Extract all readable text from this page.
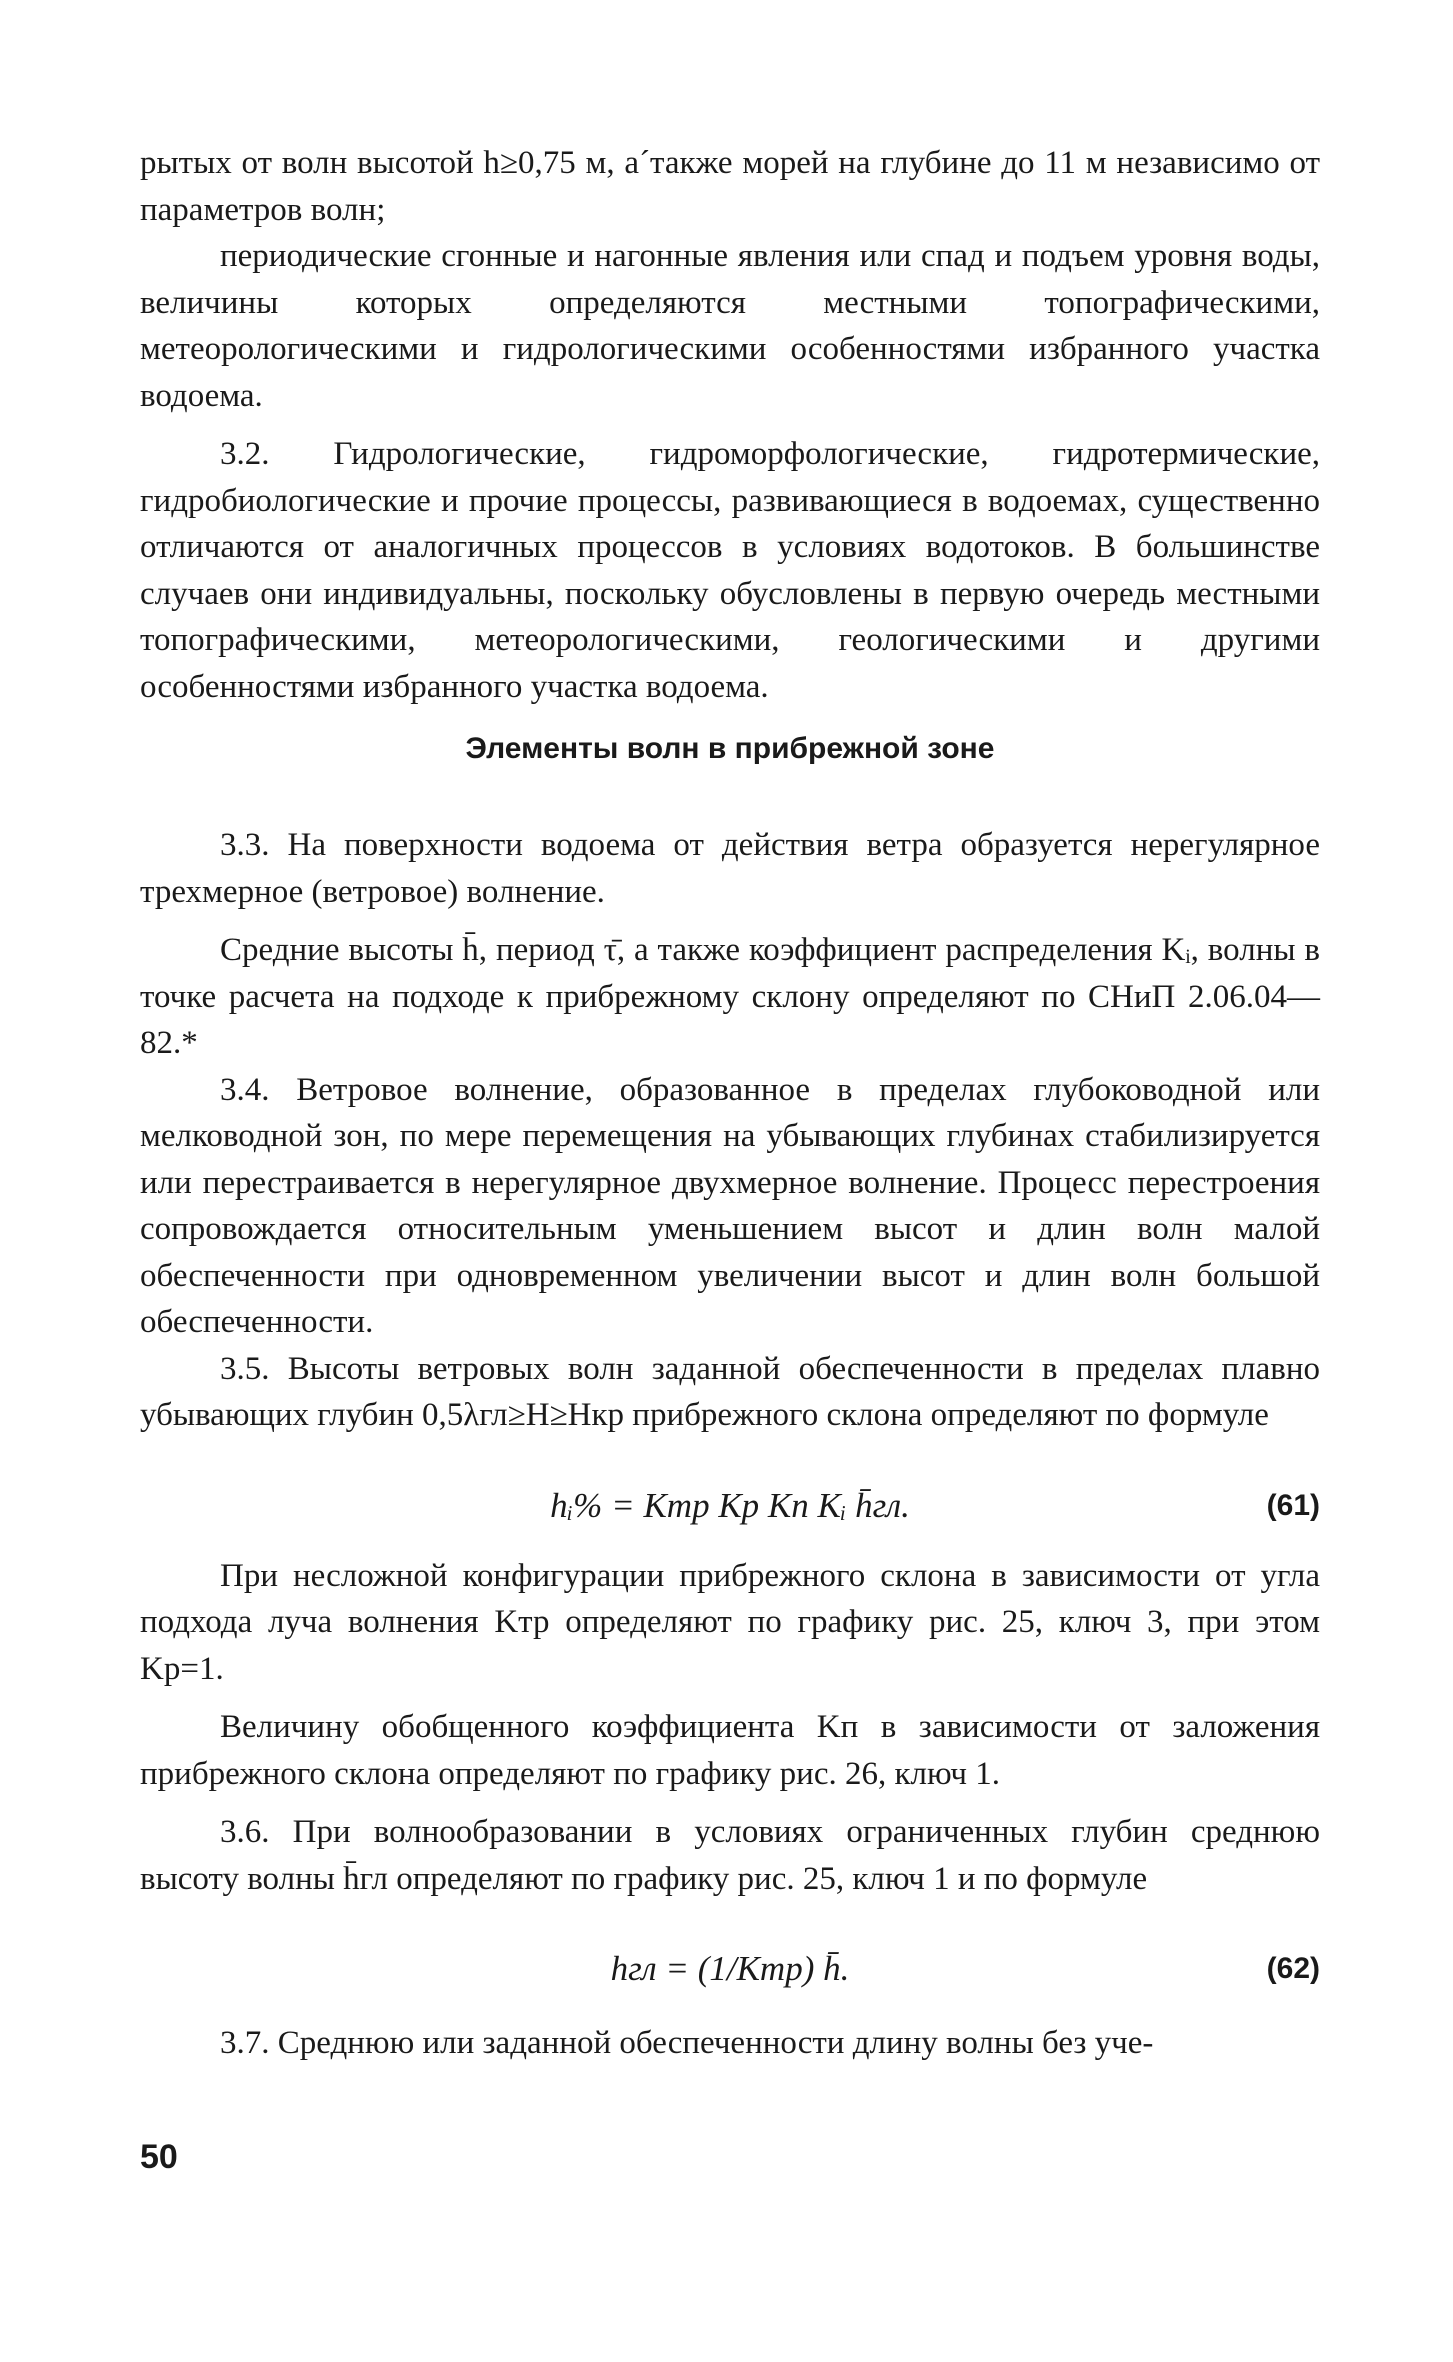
рытых от волн высотой h≥0,75 м, а´также морей на глубине до 11 м независимо от параметров волн;

периодические сгонные и нагонные явления или спад и подъем уровня воды, величины которых определяются местными топографическими, метеорологическими и гидрологическими особенностями избранного участка водоема.

3.2. Гидрологические, гидроморфологические, гидротермические, гидробиологические и прочие процессы, развивающиеся в водоемах, существенно отличаются от аналогичных процессов в условиях водотоков. В большинстве случаев они индивидуальны, поскольку обусловлены в первую очередь местными топографическими, метеорологическими, геологическими и другими особенностями избранного участка водоема.

Элементы волн в прибрежной зоне

3.3. На поверхности водоема от действия ветра образуется нерегулярное трехмерное (ветровое) волнение.

Средние высоты h̄, период τ̄, а также коэффициент распределения Kᵢ, волны в точке расчета на подходе к прибрежному склону определяют по СНиП 2.06.04—82.*

3.4. Ветровое волнение, образованное в пределах глубоководной или мелководной зон, по мере перемещения на убывающих глубинах стабилизируется или перестраивается в нерегулярное двухмерное волнение. Процесс перестроения сопровождается относительным уменьшением высот и длин волн малой обеспеченности при одновременном увеличении высот и длин волн большой обеспеченности.

3.5. Высоты ветровых волн заданной обеспеченности в пределах плавно убывающих глубин 0,5λгл≥H≥Hкр прибрежного склона определяют по формуле

hᵢ% = Kтр Kр Kп Kᵢ h̄гл.	(61)

При несложной конфигурации прибрежного склона в зависимости от угла подхода луча волнения Kтр определяют по графику рис. 25, ключ 3, при этом Kр=1.

Величину обобщенного коэффициента Kп в зависимости от заложения прибрежного склона определяют по графику рис. 26, ключ 1.

3.6. При волнообразовании в условиях ограниченных глубин среднюю высоту волны h̄гл определяют по графику рис. 25, ключ 1 и по формуле

hгл = (1/Kтр) h̄.	(62)

3.7. Среднюю или заданной обеспеченности длину волны без уче-

50
